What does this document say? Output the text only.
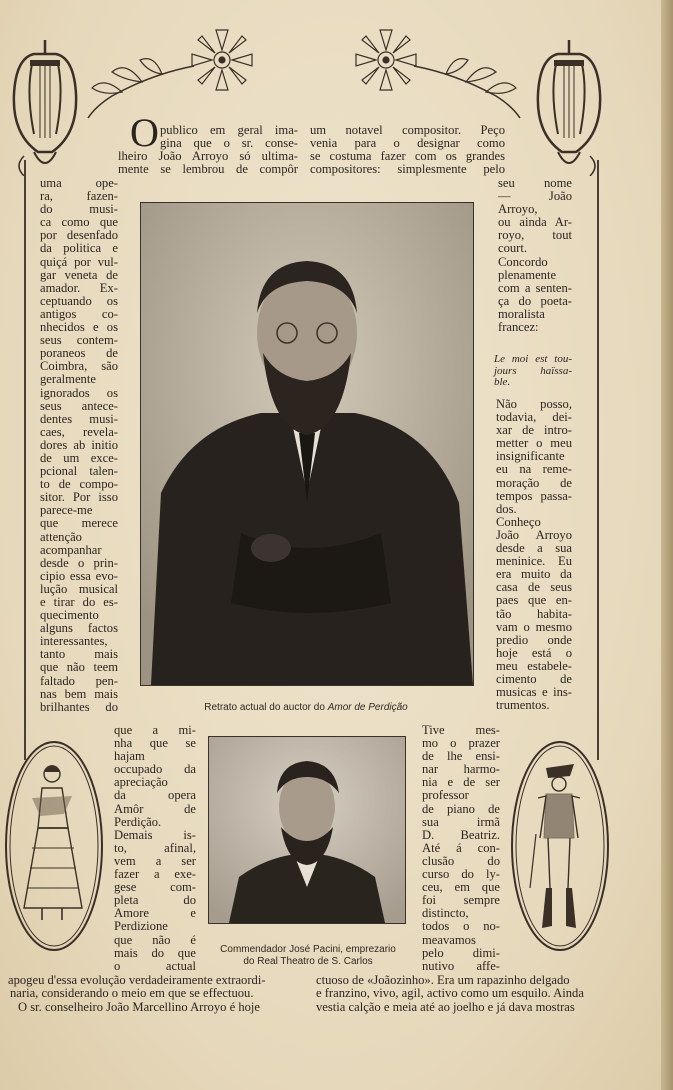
O publico em geral ima-
gina que o sr. conse-
lheiro João Arroyo só ultima-
mente se lembrou de compôr
um notavel compositor. Peço
venia para o designar como
se costuma fazer com os grandes
compositores: simplesmente pelo
uma ope-
ra, fazen-
do musi-
ca como que
por desenfado
da politica e
quiçá por vul-
gar veneta de
amador. Ex-
ceptuando os
antigos co-
nhecidos e os
seus contem-
poraneos de
Coimbra, são
geralmente
ignorados os
seus antece-
dentes musi-
caes, revela-
dores ab initio
de um exce-
pcional talen-
to de compo-
sitor. Por isso
parece-me
que merece
attenção
acompanhar
desde o prin-
cipio essa evo-
lução musical
e tirar do es-
quecimento
alguns factos
interessantes,
tanto mais
que não teem
faltado pen-
nas bem mais
brilhantes do
seu nome
— João
Arroyo,
ou ainda Ar-
royo, tout
court.
Concordo
plenamente
com a senten-
ça do poeta-
moralista
francez:
Le moi est tou-
jours haïssa-
ble.
Não posso,
todavia, dei-
xar de intro-
metter o meu
insignificante
eu na reme-
moração de
tempos passa-
dos.
Conheço
João Arroyo
desde a sua
meninice. Eu
era muito da
casa de seus
paes que en-
tão habita-
vam o mesmo
predio onde
hoje está o
meu estabele-
cimento de
musicas e ins-
trumentos.
Retrato actual do auctor do Amor de Perdição
que a mi-
nha que se
hajam
occupado da
apreciação
da opera
Amôr de
Perdição.
Demais is-
to, afinal,
vem a ser
fazer a exe-
gese com-
pleta do
Amore e
Perdizione
que não é
mais do que
o actual
Tive mes-
mo o prazer
de lhe ensi-
nar harmo-
nia e de ser
professor
de piano de
sua irmã
D. Beatriz.
Até á con-
clusão do
curso do ly-
ceu, em que
foi sempre
distincto,
todos o no-
meavamos
pelo dimi-
nutivo affe-
Commendador José Pacini, emprezario
do Real Theatro de S. Carlos
apogeu d'essa evolução verdadeiramente extraordi-
naria, considerando o meio em que se effectuou.
O sr. conselheiro João Marcellino Arroyo é hoje
ctuoso de «Joãozinho». Era um rapazinho delgado
e franzino, vivo, agil, activo como um esquilo. Ainda
vestia calção e meia até ao joelho e já dava mostras
